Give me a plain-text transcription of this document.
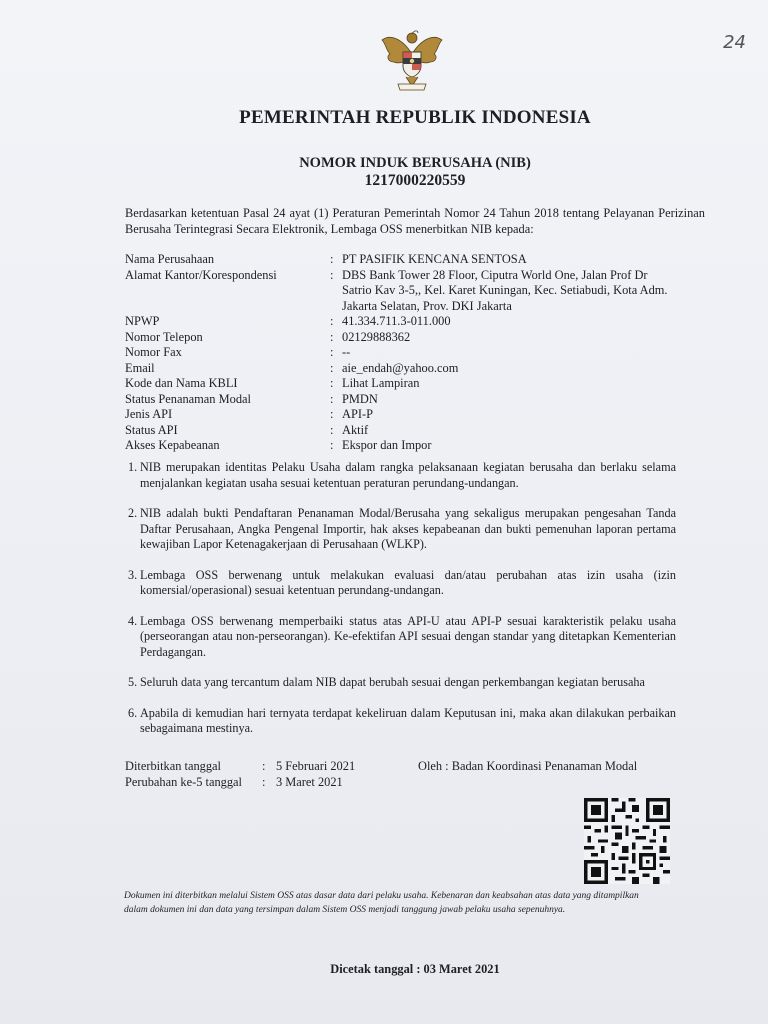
24
PEMERINTAH REPUBLIK INDONESIA
NOMOR INDUK BERUSAHA (NIB)
1217000220559
Berdasarkan ketentuan Pasal 24 ayat (1) Peraturan Pemerintah Nomor 24 Tahun 2018 tentang Pelayanan Perizinan Berusaha Terintegrasi Secara Elektronik, Lembaga OSS menerbitkan NIB kepada:
Nama Perusahaan	: PT PASIFIK KENCANA SENTOSA
Alamat Kantor/Korespondensi	: DBS Bank Tower 28 Floor, Ciputra World One, Jalan Prof Dr Satrio Kav 3-5,, Kel. Karet Kuningan, Kec. Setiabudi, Kota Adm. Jakarta Selatan, Prov. DKI Jakarta
NPWP	: 41.334.711.3-011.000
Nomor Telepon	: 02129888362
Nomor Fax	: --
Email	: aie_endah@yahoo.com
Kode dan Nama KBLI	: Lihat Lampiran
Status Penanaman Modal	: PMDN
Jenis API	: API-P
Status API	: Aktif
Akses Kepabeanan	: Ekspor dan Impor
1. NIB merupakan identitas Pelaku Usaha dalam rangka pelaksanaan kegiatan berusaha dan berlaku selama menjalankan kegiatan usaha sesuai ketentuan peraturan perundang-undangan.
2. NIB adalah bukti Pendaftaran Penanaman Modal/Berusaha yang sekaligus merupakan pengesahan Tanda Daftar Perusahaan, Angka Pengenal Importir, hak akses kepabeanan dan bukti pemenuhan laporan pertama kewajiban Lapor Ketenagakerjaan di Perusahaan (WLKP).
3. Lembaga OSS berwenang untuk melakukan evaluasi dan/atau perubahan atas izin usaha (izin komersial/operasional) sesuai ketentuan perundang-undangan.
4. Lembaga OSS berwenang memperbaiki status atas API-U atau API-P sesuai karakteristik pelaku usaha (perseorangan atau non-perseorangan). Ke-efektifan API sesuai dengan standar yang ditetapkan Kementerian Perdagangan.
5. Seluruh data yang tercantum dalam NIB dapat berubah sesuai dengan perkembangan kegiatan berusaha
6. Apabila di kemudian hari ternyata terdapat kekeliruan dalam Keputusan ini, maka akan dilakukan perbaikan sebagaimana mestinya.
Diterbitkan tanggal	: 5 Februari 2021
Perubahan ke-5 tanggal	: 3 Maret 2021
Oleh : Badan Koordinasi Penanaman Modal
Dokumen ini diterbitkan melalui Sistem OSS atas dasar data dari pelaku usaha. Kebenaran dan keabsahan atas data yang ditampilkan dalam dokumen ini dan data yang tersimpan dalam Sistem OSS menjadi tanggung jawab pelaku usaha sepenuhnya.
Dicetak tanggal : 03 Maret 2021
